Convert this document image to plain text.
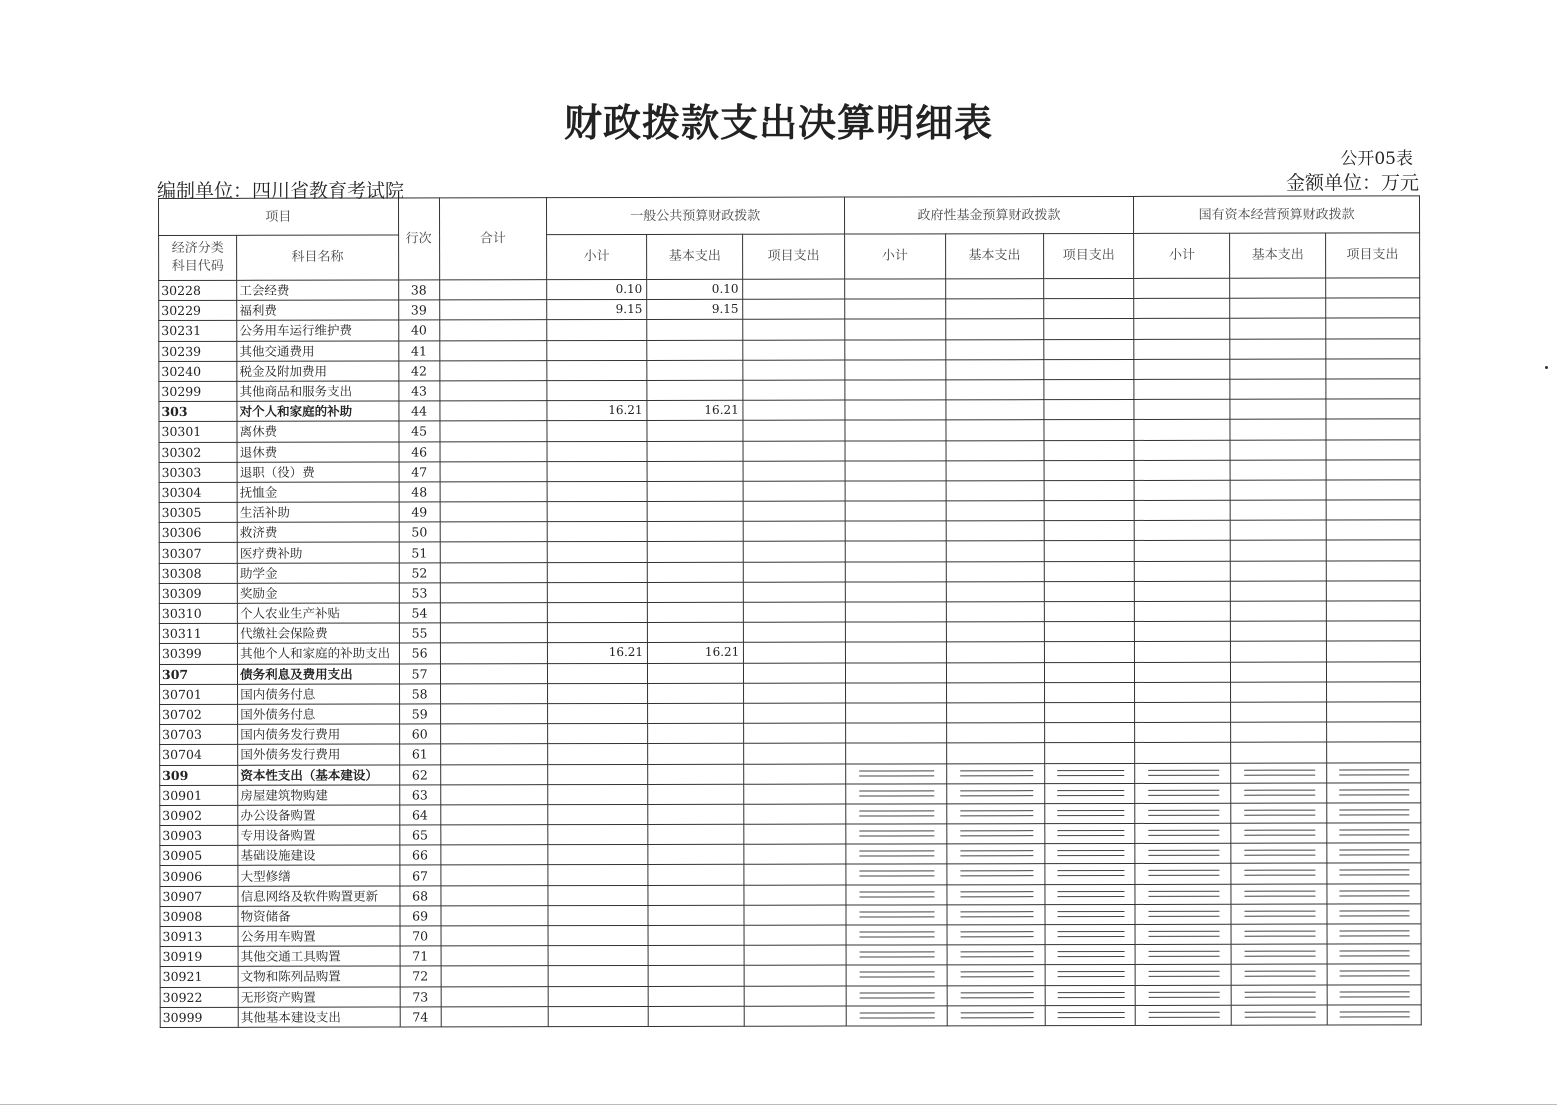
财政拨款支出决算明细表
公开05表
编制单位：四川省教育考试院	金额单位：万元
项目		行次	合计	一般公共预算财政拨款			政府性基金预算财政拨款			国有资本经营预算财政拨款		
经济分类
科目代码	科目名称			小计	基本支出	项目支出	小计	基本支出	项目支出	小计	基本支出	项目支出
30228	工会经费	38		0.10	0.10							
30229	福利费	39		9.15	9.15							
30231	公务用车运行维护费	40										
30239	其他交通费用	41										
30240	税金及附加费用	42										
30299	其他商品和服务支出	43										
303	对个人和家庭的补助	44		16.21	16.21							
30301	离休费	45										
30302	退休费	46										
30303	退职（役）费	47										
30304	抚恤金	48										
30305	生活补助	49										
30306	救济费	50										
30307	医疗费补助	51										
30308	助学金	52										
30309	奖励金	53										
30310	个人农业生产补贴	54										
30311	代缴社会保险费	55										
30399	其他个人和家庭的补助支出	56		16.21	16.21							
307	债务利息及费用支出	57										
30701	国内债务付息	58										
30702	国外债务付息	59										
30703	国内债务发行费用	60										
30704	国外债务发行费用	61										
309	资本性支出（基本建设）	62					

30901	房屋建筑物购建	63					

30902	办公设备购置	64					

30903	专用设备购置	65					

30905	基础设施建设	66					

30906	大型修缮	67					

30907	信息网络及软件购置更新	68					

30908	物资储备	69					

30913	公务用车购置	70					

30919	其他交通工具购置	71					

30921	文物和陈列品购置	72					

30922	无形资产购置	73					

30999	其他基本建设支出	74					
